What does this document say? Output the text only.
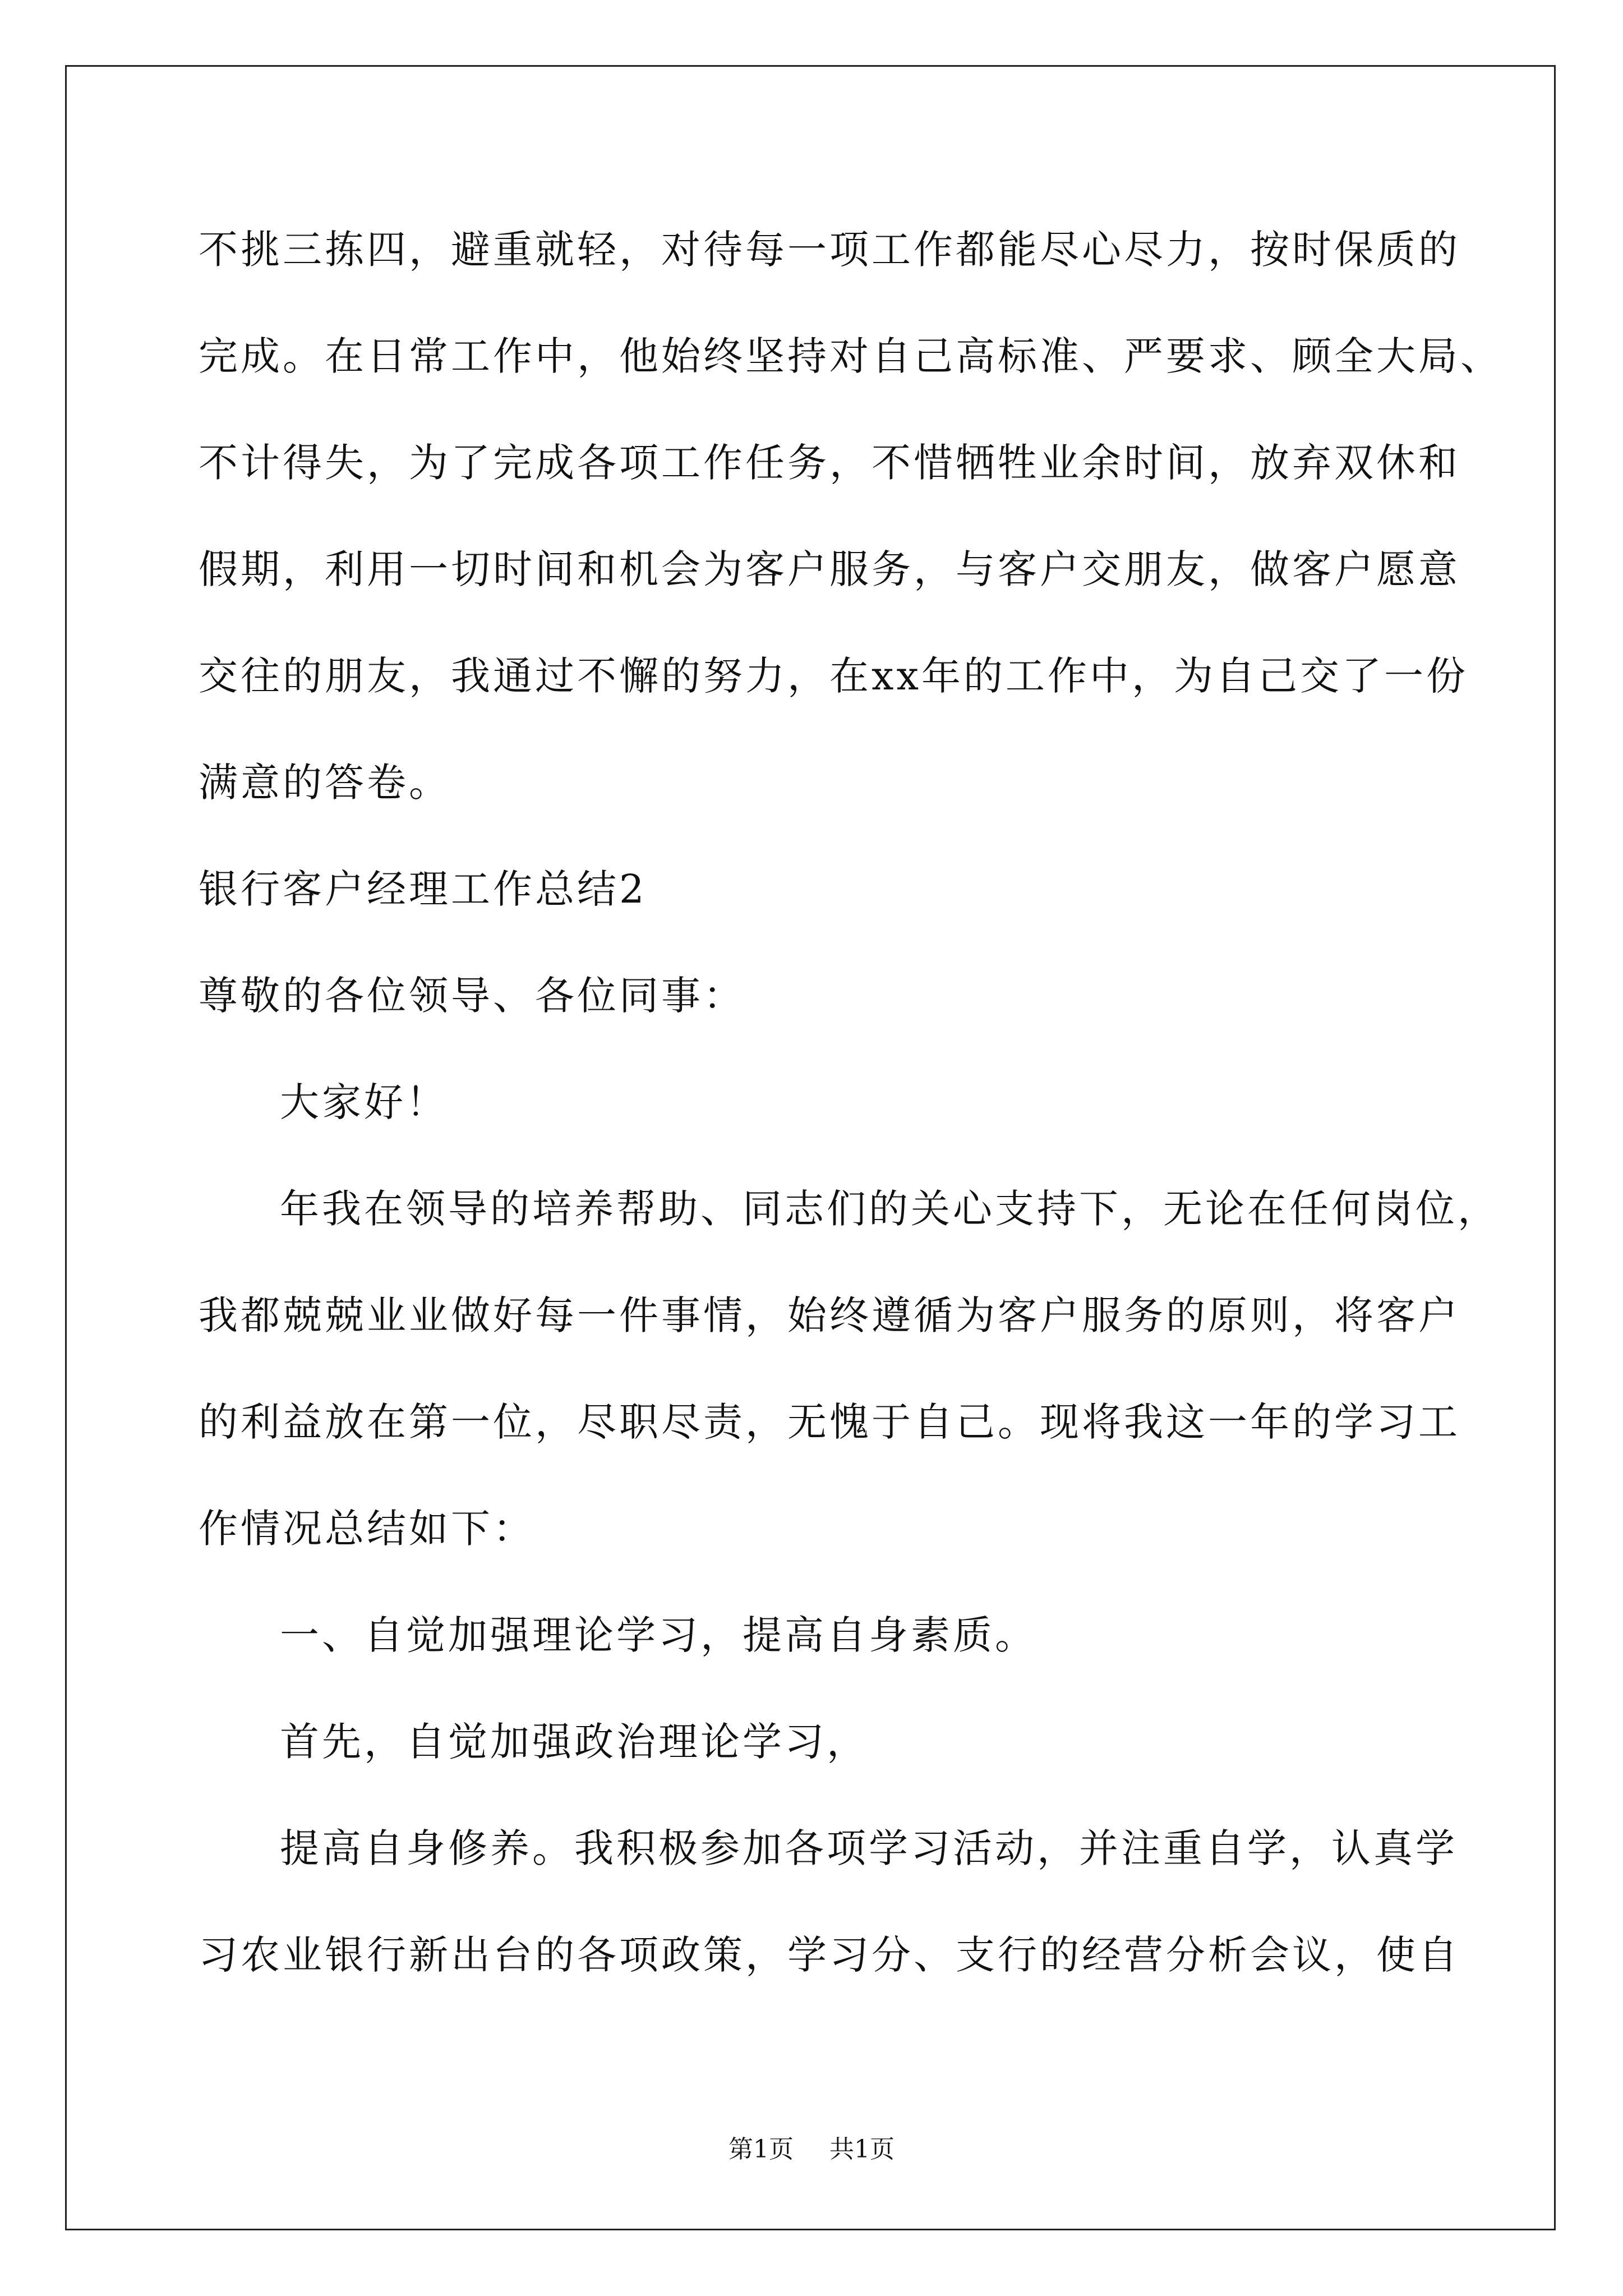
不挑三拣四，避重就轻，对待每一项工作都能尽心尽力，按时保质的

完成。在日常工作中，他始终坚持对自己高标准、严要求、顾全大局、

不计得失，为了完成各项工作任务，不惜牺牲业余时间，放弃双休和

假期，利用一切时间和机会为客户服务，与客户交朋友，做客户愿意

交往的朋友，我通过不懈的努力，在xx年的工作中，为自己交了一份

满意的答卷。

银行客户经理工作总结2

尊敬的各位领导、各位同事：

大家好！

年我在领导的培养帮助、同志们的关心支持下，无论在任何岗位，

我都兢兢业业做好每一件事情，始终遵循为客户服务的原则，将客户

的利益放在第一位，尽职尽责，无愧于自己。现将我这一年的学习工

作情况总结如下：

一、自觉加强理论学习，提高自身素质。

首先，自觉加强政治理论学习，

提高自身修养。我积极参加各项学习活动，并注重自学，认真学

习农业银行新出台的各项政策，学习分、支行的经营分析会议，使自

第1页 共1页
